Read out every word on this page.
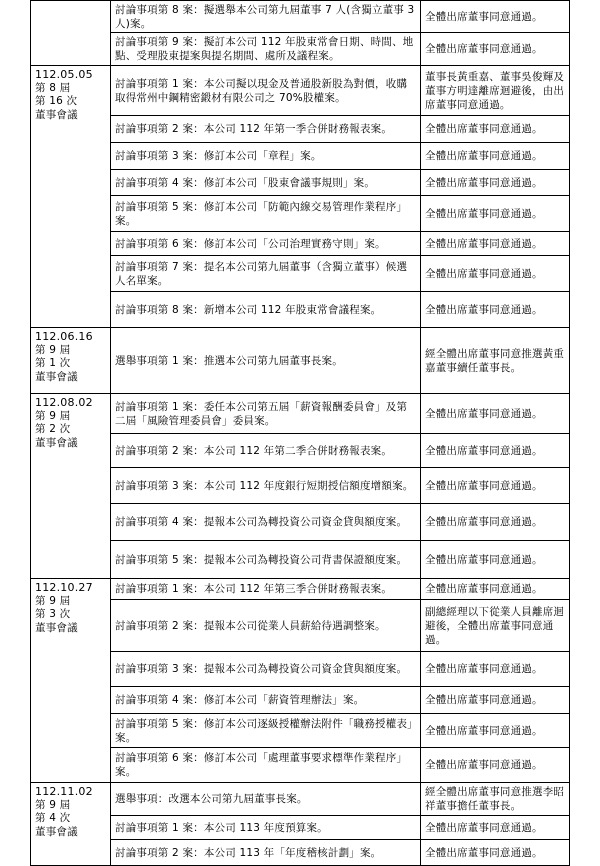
	討論事項第 8 案：擬選舉本公司第九屆董事 7 人(含獨立董事 3 人)案。	全體出席董事同意通過。
	討論事項第 9 案：擬訂本公司 112 年股東常會日期、時間、地點、受理股東提案與提名期間、處所及議程案。	全體出席董事同意通過。

112.05.05
第 8 屆
第 16 次
董事會議	討論事項第 1 案：本公司擬以現金及普通股新股為對價，收購取得常州中鋼精密鍛材有限公司之 70%股權案。	董事長黃重嘉、董事吳俊輝及董事方明達離席迴避後，由出席董事同意通過。
	討論事項第 2 案：本公司 112 年第一季合併財務報表案。	全體出席董事同意通過。
	討論事項第 3 案：修訂本公司「章程」案。	全體出席董事同意通過。
	討論事項第 4 案：修訂本公司「股東會議事規則」案。	全體出席董事同意通過。
	討論事項第 5 案：修訂本公司「防範內線交易管理作業程序」案。	全體出席董事同意通過。
	討論事項第 6 案：修訂本公司「公司治理實務守則」案。	全體出席董事同意通過。
	討論事項第 7 案：提名本公司第九屆董事（含獨立董事）候選人名單案。	全體出席董事同意通過。
	討論事項第 8 案：新增本公司 112 年股東常會議程案。	全體出席董事同意通過。

112.06.16
第 9 屆
第 1 次
董事會議	選舉事項第 1 案：推選本公司第九屆董事長案。	經全體出席董事同意推選黃重嘉董事續任董事長。

112.08.02
第 9 屆
第 2 次
董事會議	討論事項第 1 案：委任本公司第五屆「薪資報酬委員會」及第二屆「風險管理委員會」委員案。	全體出席董事同意通過。
	討論事項第 2 案：本公司 112 年第二季合併財務報表案。	全體出席董事同意通過。
	討論事項第 3 案：本公司 112 年度銀行短期授信額度增額案。	全體出席董事同意通過。
	討論事項第 4 案：提報本公司為轉投資公司資金貸與額度案。	全體出席董事同意通過。
	討論事項第 5 案：提報本公司為轉投資公司背書保證額度案。	全體出席董事同意通過。

112.10.27
第 9 屆
第 3 次
董事會議	討論事項第 1 案：本公司 112 年第三季合併財務報表案。	全體出席董事同意通過。
	討論事項第 2 案：提報本公司從業人員薪給待遇調整案。	副總經理以下從業人員離席迴避後，全體出席董事同意通過。
	討論事項第 3 案：提報本公司為轉投資公司資金貸與額度案。	全體出席董事同意通過。
	討論事項第 4 案：修訂本公司「薪資管理辦法」案。	全體出席董事同意通過。
	討論事項第 5 案：修訂本公司逐級授權辦法附件「職務授權表」案。	全體出席董事同意通過。
	討論事項第 6 案：修訂本公司「處理董事要求標準作業程序」案。	全體出席董事同意通過。

112.11.02
第 9 屆
第 4 次
董事會議	選舉事項：改選本公司第九屆董事長案。	經全體出席董事同意推選李昭祥董事擔任董事長。
	討論事項第 1 案：本公司 113 年度預算案。	全體出席董事同意通過。
	討論事項第 2 案：本公司 113 年「年度稽核計劃」案。	全體出席董事同意通過。
